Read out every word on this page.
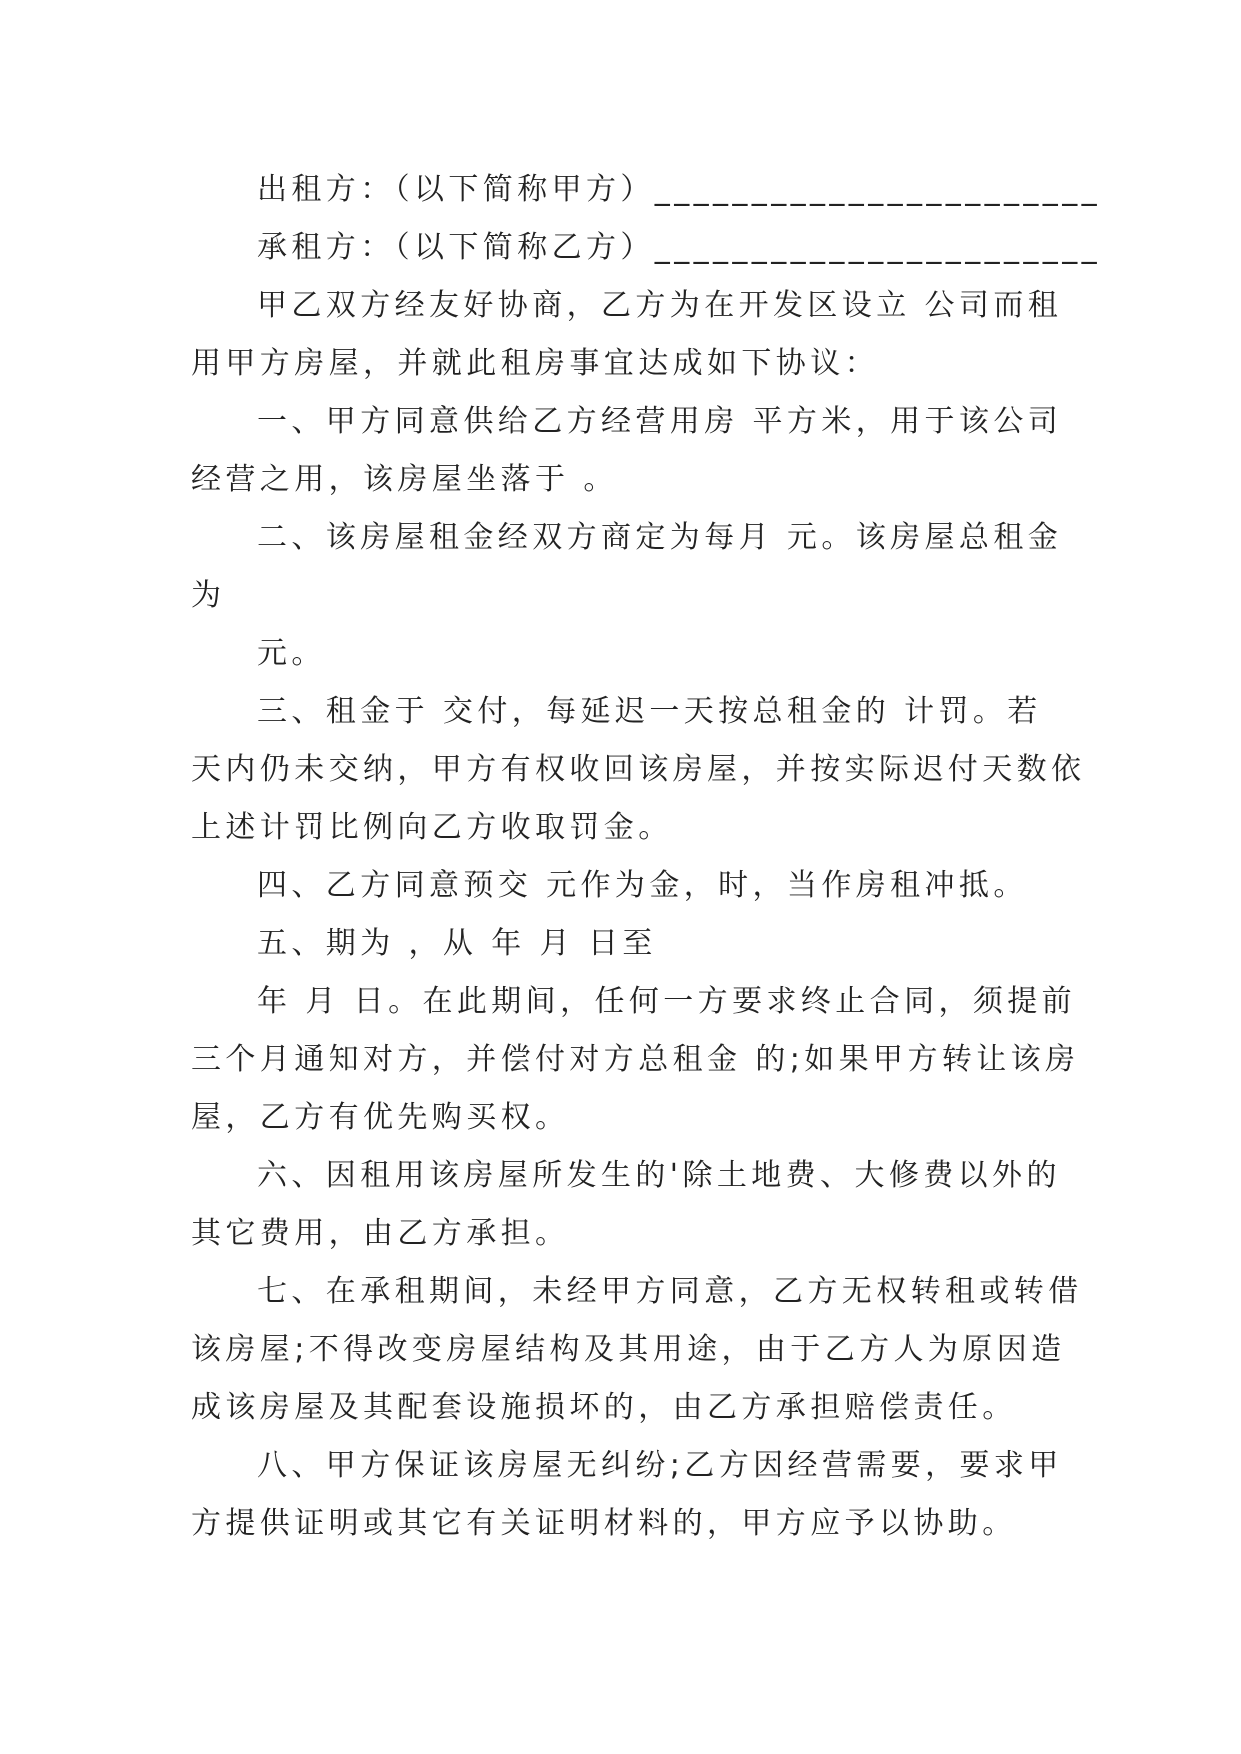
出租方：（以下简称甲方）_______________________
承租方：（以下简称乙方）_______________________
甲乙双方经友好协商，乙方为在开发区设立 公司而租
用甲方房屋，并就此租房事宜达成如下协议：
一、甲方同意供给乙方经营用房 平方米，用于该公司
经营之用，该房屋坐落于 。
二、该房屋租金经双方商定为每月 元。该房屋总租金
为
元。
三、租金于 交付，每延迟一天按总租金的 计罚。若
天内仍未交纳，甲方有权收回该房屋，并按实际迟付天数依
上述计罚比例向乙方收取罚金。
四、乙方同意预交 元作为金，时，当作房租冲抵。
五、期为 ，从 年 月 日至
年 月 日。在此期间，任何一方要求终止合同，须提前
三个月通知对方，并偿付对方总租金 的;如果甲方转让该房
屋，乙方有优先购买权。
六、因租用该房屋所发生的'除土地费、大修费以外的
其它费用，由乙方承担。
七、在承租期间，未经甲方同意，乙方无权转租或转借
该房屋;不得改变房屋结构及其用途，由于乙方人为原因造
成该房屋及其配套设施损坏的，由乙方承担赔偿责任。
八、甲方保证该房屋无纠纷;乙方因经营需要，要求甲
方提供证明或其它有关证明材料的，甲方应予以协助。
